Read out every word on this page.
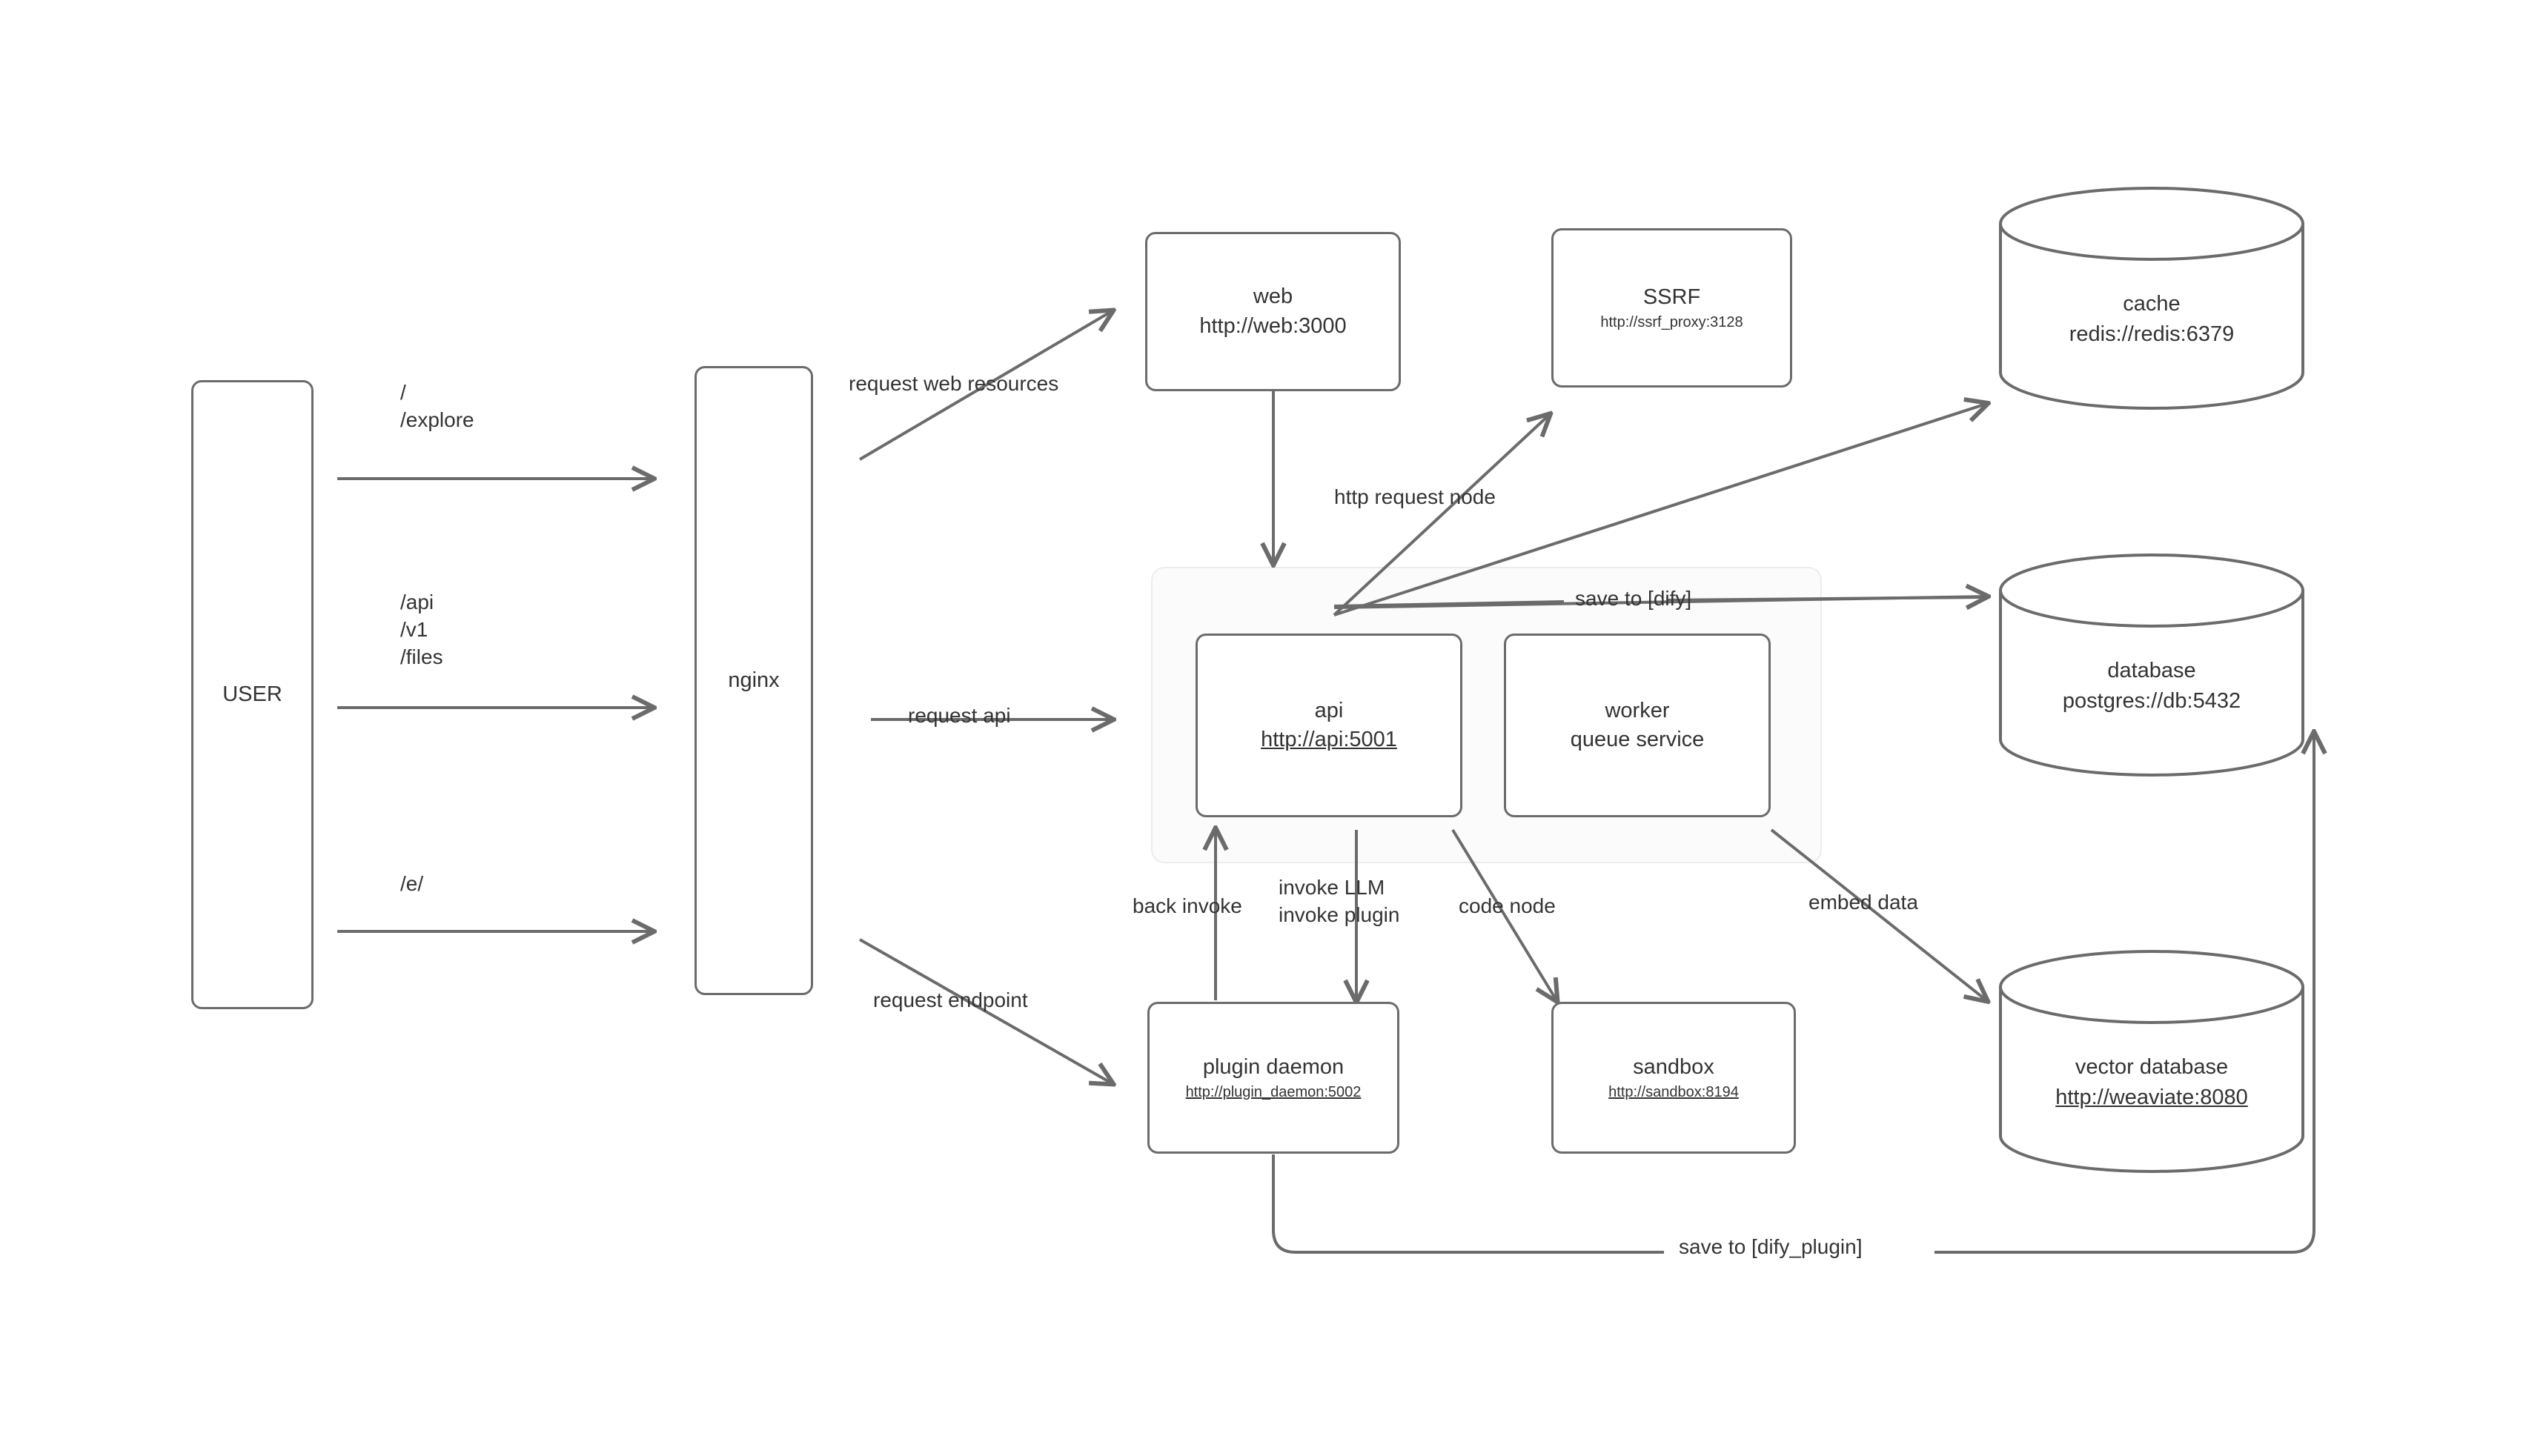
USER
nginx
web
http://web:3000
SSRF
http://ssrf_proxy:3128
api
http://api:5001
worker
queue service
plugin daemon
http://plugin_daemon:5002
sandbox
http://sandbox:8194
cache
redis://redis:6379
database
postgres://db:5432
vector database
http://weaviate:8080
/
/explore
/api
/v1
/files
/e/
request web resources
request api
request endpoint
http request node
save to [dify]
back invoke
invoke LLM
invoke plugin	code node	embed data
save to [dify_plugin]
